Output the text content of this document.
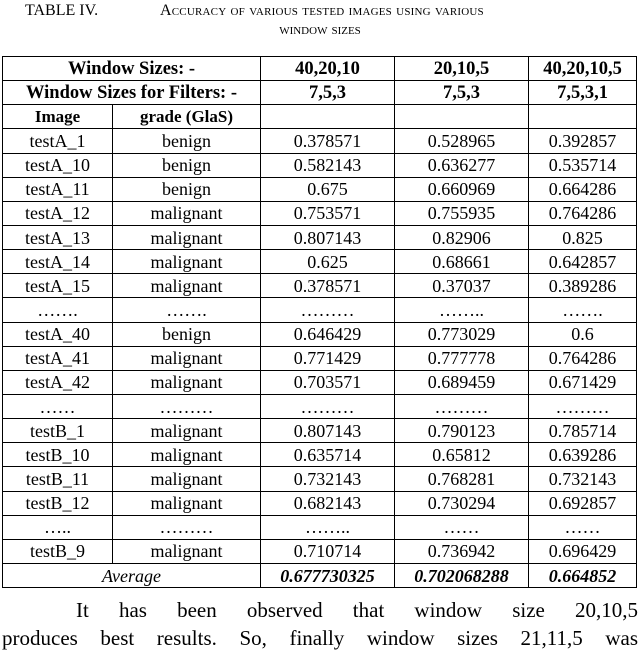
TABLE IV.	Accuracy of various tested images using various
window sizes
Window Sizes: -		40,20,10	20,10,5	40,20,10,5
Window Sizes for Filters: -		7,5,3	7,5,3	7,5,3,1
Image	grade (GlaS)			
testA_1	benign	0.378571	0.528965	0.392857
testA_10	benign	0.582143	0.636277	0.535714
testA_11	benign	0.675	0.660969	0.664286
testA_12	malignant	0.753571	0.755935	0.764286
testA_13	malignant	0.807143	0.82906	0.825
testA_14	malignant	0.625	0.68661	0.642857
testA_15	malignant	0.378571	0.37037	0.389286
…….	…….	………	……..	…….
testA_40	benign	0.646429	0.773029	0.6
testA_41	malignant	0.771429	0.777778	0.764286
testA_42	malignant	0.703571	0.689459	0.671429
……	………	………	………	………
testB_1	malignant	0.807143	0.790123	0.785714
testB_10	malignant	0.635714	0.65812	0.639286
testB_11	malignant	0.732143	0.768281	0.732143
testB_12	malignant	0.682143	0.730294	0.692857
…..	………	……..	……	……
testB_9	malignant	0.710714	0.736942	0.696429
Average		0.677730325	0.702068288	0.664852
It has been observed that window size 20,10,5
produces best results. So, finally window sizes 21,11,5 was
